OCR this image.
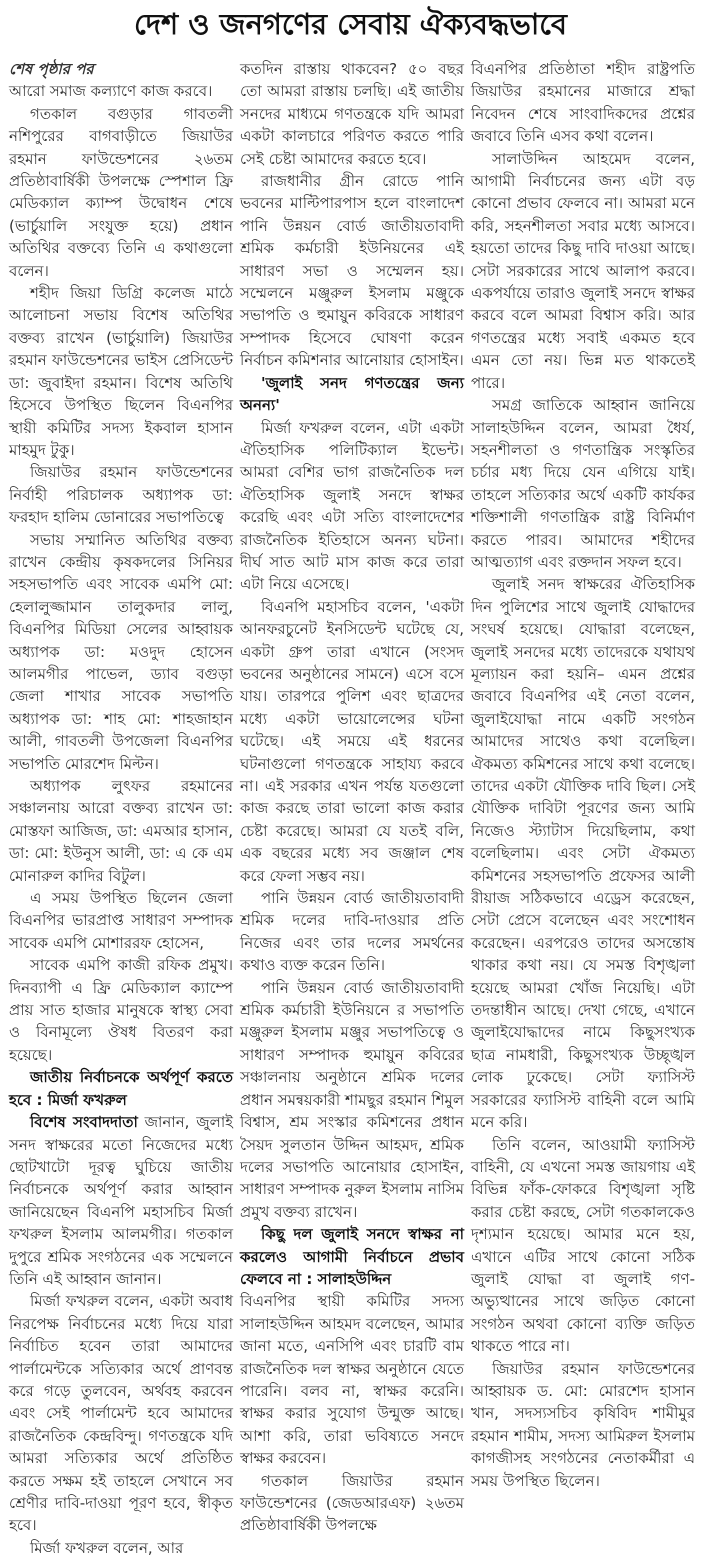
দেশ ও জনগণের সেবায় ঐক্যবদ্ধভাবে

শেষ পৃষ্ঠার পর

আরো সমাজ কল্যাণে কাজ করবে।

গতকাল বগুড়ার গাবতলী নশিপুরের বাগবাড়ীতে জিয়াউর রহমান ফাউন্ডেশনের ২৬তম প্রতিষ্ঠাবার্ষিকী উপলক্ষে স্পেশাল ফ্রি মেডিক্যাল ক্যাম্প উদ্বোধন শেষে (ভার্চুয়ালি সংযুক্ত হয়ে) প্রধান অতিথির বক্তব্যে তিনি এ কথাগুলো বলেন।

শহীদ জিয়া ডিগ্রি কলেজ মাঠে আলোচনা সভায় বিশেষ অতিথির বক্তব্য রাখেন (ভার্চুয়ালি) জিয়াউর রহমান ফাউন্ডেশনের ভাইস প্রেসিডেন্ট ডা: জুবাইদা রহমান। বিশেষ অতিথি হিসেবে উপস্থিত ছিলেন বিএনপির স্থায়ী কমিটির সদস্য ইকবাল হাসান মাহমুদ টুকু।

জিয়াউর রহমান ফাউন্ডেশনের নির্বাহী পরিচালক অধ্যাপক ডা: ফরহাদ হালিম ডোনারের সভাপতিত্বে

সভায় সম্মানিত অতিথির বক্তব্য রাখেন কেন্দ্রীয় কৃষকদলের সিনিয়র সহসভাপতি এবং সাবেক এমপি মো: হেলালুজ্জামান তালুকদার লালু, বিএনপির মিডিয়া সেলের আহ্বায়ক অধ্যাপক ডা: মওদুদ হোসেন আলমগীর পাভেল, ড্যাব বগুড়া জেলা শাখার সাবেক সভাপতি অধ্যাপক ডা: শাহ মো: শাহজাহান আলী, গাবতলী উপজেলা বিএনপির সভাপতি মোরশেদ মিল্টন।

অধ্যাপক লুৎফর রহমানের সঞ্চালনায় আরো বক্তব্য রাখেন ডা: মোস্তফা আজিজ, ডা: এমআর হাসান, ডা: মো: ইউনুস আলী, ডা: এ কে এম মোনারুল কাদির বিটুল।

এ সময় উপস্থিত ছিলেন জেলা বিএনপির ভারপ্রাপ্ত সাধারণ সম্পাদক সাবেক এমপি মোশাররফ হোসেন,

সাবেক এমপি কাজী রফিক প্রমুখ। দিনব্যাপী এ ফ্রি মেডিক্যাল ক্যাম্পে প্রায় সাত হাজার মানুষকে স্বাস্থ্য সেবা ও বিনামূল্যে ঔষধ বিতরণ করা হয়েছে।

জাতীয় নির্বাচনকে অর্থপূর্ণ করতে হবে : মির্জা ফখরুল

বিশেষ সংবাদদাতা জানান, জুলাই সনদ স্বাক্ষরের মতো নিজেদের মধ্যে ছোটখাটো দূরত্ব ঘুচিয়ে জাতীয় নির্বাচনকে অর্থপূর্ণ করার আহ্বান জানিয়েছেন বিএনপি মহাসচিব মির্জা ফখরুল ইসলাম আলমগীর। গতকাল দুপুরে শ্রমিক সংগঠনের এক সম্মেলনে তিনি এই আহ্বান জানান।

মির্জা ফখরুল বলেন, একটা অবাধ নিরপেক্ষ নির্বাচনের মধ্যে দিয়ে যারা নির্বাচিত হবেন তারা আমাদের পার্লামেন্টকে সত্যিকার অর্থে প্রাণবন্ত করে গড়ে তুলবেন, অর্থবহ করবেন এবং সেই পার্লামেন্ট হবে আমাদের রাজনৈতিক কেন্দ্রবিন্দু। গণতন্ত্রকে যদি আমরা সত্যিকার অর্থে প্রতিষ্ঠিত করতে সক্ষম হই তাহলে সেখানে সব শ্রেণীর দাবি-দাওয়া পূরণ হবে, স্বীকৃত হবে।

মির্জা ফখরুল বলেন, আর

কতদিন রাস্তায় থাকবেন? ৫০ বছর তো আমরা রাস্তায় চলছি। এই জাতীয় সনদের মাধ্যমে গণতন্ত্রকে যদি আমরা একটা কালচারে পরিণত করতে পারি সেই চেষ্টা আমাদের করতে হবে।

রাজধানীর গ্রীন রোডে পানি ভবনের মাল্টিপারপাস হলে বাংলাদেশ পানি উন্নয়ন বোর্ড জাতীয়তাবাদী শ্রমিক কর্মচারী ইউনিয়নের এই সাধারণ সভা ও সম্মেলন হয়। সম্মেলনে মঞ্জুরুল ইসলাম মঞ্জুকে সভাপতি ও হুমায়ুন কবিরকে সাধারণ সম্পাদক হিসেবে ঘোষণা করেন নির্বাচন কমিশনার আনোয়ার হোসাইন।

'জুলাই সনদ গণতন্ত্রের জন্য অনন্য'

মির্জা ফখরুল বলেন, এটা একটা ঐতিহাসিক পলিটিক্যাল ইভেন্ট। আমরা বেশির ভাগ রাজনৈতিক দল ঐতিহাসিক জুলাই সনদে স্বাক্ষর করেছি এবং এটা সত্যি বাংলাদেশের রাজনৈতিক ইতিহাসে অনন্য ঘটনা। দীর্ঘ সাত আট মাস কাজ করে তারা এটা নিয়ে এসেছে।

বিএনপি মহাসচিব বলেন, 'একটা আনফরচুনেট ইনসিডেন্ট ঘটেছে যে, একটা গ্রুপ তারা এখানে (সংসদ ভবনের অনুষ্ঠানের সামনে) এসে বসে যায়। তারপরে পুলিশ এবং ছাত্রদের মধ্যে একটা ভায়োলেন্সের ঘটনা ঘটেছে। এই সময়ে এই ধরনের ঘটনাগুলো গণতন্ত্রকে সাহায্য করবে না। এই সরকার এখন পর্যন্ত যতগুলো কাজ করছে তারা ভালো কাজ করার চেষ্টা করেছে। আমরা যে যতই বলি, এক বছরের মধ্যে সব জঞ্জাল শেষ করে ফেলা সম্ভব নয়।

পানি উন্নয়ন বোর্ড জাতীয়তাবাদী শ্রমিক দলের দাবি-দাওয়ার প্রতি নিজের এবং তার দলের সমর্থনের কথাও ব্যক্ত করেন তিনি।

পানি উন্নয়ন বোর্ড জাতীয়তাবাদী শ্রমিক কর্মচারী ইউনিয়নে র সভাপতি মঞ্জুরুল ইসলাম মঞ্জুর সভাপতিত্বে ও সাধারণ সম্পাদক হুমায়ুন কবিরের সঞ্চালনায় অনুষ্ঠানে শ্রমিক দলের প্রধান সমন্বয়কারী শামছুর রহমান শিমুল বিশ্বাস, শ্রম সংস্কার কমিশনের প্রধান সৈয়দ সুলতান উদ্দিন আহমদ, শ্রমিক দলের সভাপতি আনোয়ার হোসাইন, সাধারণ সম্পাদক নুরুল ইসলাম নাসিম প্রমুখ বক্তব্য রাখেন।

কিছু দল জুলাই সনদে স্বাক্ষর না করলেও আগামী নির্বাচনে প্রভাব ফেলবে না : সালাহউদ্দিন

বিএনপির স্থায়ী কমিটির সদস্য সালাহউদ্দিন আহমদ বলেছেন, আমার জানা মতে, এনসিপি এবং চারটি বাম রাজনৈতিক দল স্বাক্ষর অনুষ্ঠানে যেতে পারেনি। বলব না, স্বাক্ষর করেনি। স্বাক্ষর করার সুযোগ উন্মুক্ত আছে। আশা করি, তারা ভবিষ্যতে সনদে স্বাক্ষর করবেন।

গতকাল জিয়াউর রহমান ফাউন্ডেশনের (জেডআরএফ) ২৬তম প্রতিষ্ঠাবার্ষিকী উপলক্ষে

বিএনপির প্রতিষ্ঠাতা শহীদ রাষ্ট্রপতি জিয়াউর রহমানের মাজারে শ্রদ্ধা নিবেদন শেষে সাংবাদিকদের প্রশ্নের জবাবে তিনি এসব কথা বলেন।

সালাউদ্দিন আহমেদ বলেন, আগামী নির্বাচনের জন্য এটা বড় কোনো প্রভাব ফেলবে না। আমরা মনে করি, সহনশীলতা সবার মধ্যে আসবে। হয়তো তাদের কিছু দাবি দাওয়া আছে। সেটা সরকারের সাথে আলাপ করবে। একপর্যায়ে তারাও জুলাই সনদে স্বাক্ষর করবে বলে আমরা বিশ্বাস করি। আর গণতন্ত্রের মধ্যে সবাই একমত হবে এমন তো নয়। ভিন্ন মত থাকতেই পারে।

সমগ্র জাতিকে আহ্বান জানিয়ে সালাহউদ্দিন বলেন, আমরা ধৈর্য, সহনশীলতা ও গণতান্ত্রিক সংস্কৃতির চর্চার মধ্য দিয়ে যেন এগিয়ে যাই। তাহলে সত্যিকার অর্থে একটি কার্যকর শক্তিশালী গণতান্ত্রিক রাষ্ট্র বিনির্মাণ করতে পারব। আমাদের শহীদের আত্মত্যাগ এবং রক্তদান সফল হবে।

জুলাই সনদ স্বাক্ষরের ঐতিহাসিক দিন পুলিশের সাথে জুলাই যোদ্ধাদের সংঘর্ষ হয়েছে। যোদ্ধারা বলেছেন, জুলাই সনদের মধ্যে তাদেরকে যথাযথ মূল্যায়ন করা হয়নি– এমন প্রশ্নের জবাবে বিএনপির এই নেতা বলেন, জুলাইযোদ্ধা নামে একটি সংগঠন আমাদের সাথেও কথা বলেছিল। ঐকমত্য কমিশনের সাথে কথা বলেছে। তাদের একটা যৌক্তিক দাবি ছিল। সেই যৌক্তিক দাবিটা পূরণের জন্য আমি নিজেও স্ট্যাটাস দিয়েছিলাম, কথা বলেছিলাম। এবং সেটা ঐকমত্য কমিশনের সহসভাপতি প্রফেসর আলী রীয়াজ সঠিকভাবে এড্রেস করেছেন, সেটা প্রেসে বলেছেন এবং সংশোধন করেছেন। এরপরেও তাদের অসন্তোষ থাকার কথা নয়। যে সমস্ত বিশৃঙ্খলা হয়েছে আমরা খোঁজ নিয়েছি। এটা তদন্তাধীন আছে। দেখা গেছে, এখানে জুলাইযোদ্ধাদের নামে কিছুসংখ্যক ছাত্র নামধারী, কিছুসংখ্যক উচ্ছৃঙ্খল লোক ঢুকেছে। সেটা ফ্যাসিস্ট সরকারের ফ্যাসিস্ট বাহিনী বলে আমি মনে করি।

তিনি বলেন, আওয়ামী ফ্যাসিস্ট বাহিনী, যে এখনো সমস্ত জায়গায় এই বিভিন্ন ফাঁক-ফোকরে বিশৃঙ্খলা সৃষ্টি করার চেষ্টা করছে, সেটা গতকালকেও দৃশ্যমান হয়েছে। আমার মনে হয়, এখানে এটির সাথে কোনো সঠিক জুলাই যোদ্ধা বা জুলাই গণ-অভ্যুত্থানের সাথে জড়িত কোনো সংগঠন অথবা কোনো ব্যক্তি জড়িত থাকতে পারে না।

জিয়াউর রহমান ফাউন্ডেশনের আহ্বায়ক ড. মো: মোরশেদ হাসান খান, সদস্যসচিব কৃষিবিদ শামীমুর রহমান শামীম, সদস্য আমিরুল ইসলাম কাগজীসহ সংগঠনের নেতাকর্মীরা এ সময় উপস্থিত ছিলেন।
